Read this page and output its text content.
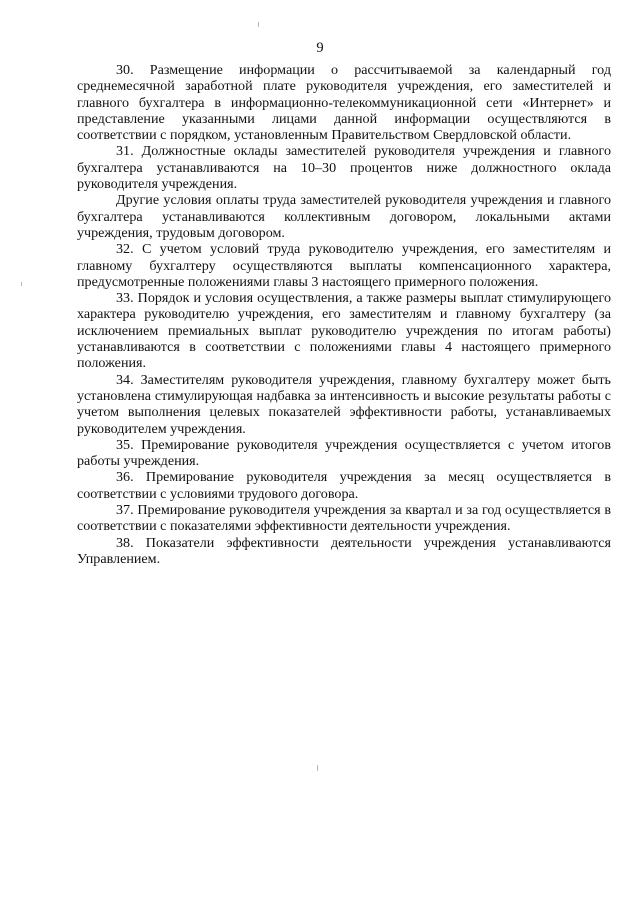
9

30. Размещение информации о рассчитываемой за календарный год среднемесячной заработной плате руководителя учреждения, его заместителей и главного бухгалтера в информационно-телекоммуникационной сети «Интернет» и представление указанными лицами данной информации осуществляются в соответствии с порядком, установленным Правительством Свердловской области.

31. Должностные оклады заместителей руководителя учреждения и главного бухгалтера устанавливаются на 10–30 процентов ниже должностного оклада руководителя учреждения.

Другие условия оплаты труда заместителей руководителя учреждения и главного бухгалтера устанавливаются коллективным договором, локальными актами учреждения, трудовым договором.

32. С учетом условий труда руководителю учреждения, его заместителям и главному бухгалтеру осуществляются выплаты компенсационного характера, предусмотренные положениями главы 3 настоящего примерного положения.

33. Порядок и условия осуществления, а также размеры выплат стимулирующего характера руководителю учреждения, его заместителям и главному бухгалтеру (за исключением премиальных выплат руководителю учреждения по итогам работы) устанавливаются в соответствии с положениями главы 4 настоящего примерного положения.

34. Заместителям руководителя учреждения, главному бухгалтеру может быть установлена стимулирующая надбавка за интенсивность и высокие результаты работы с учетом выполнения целевых показателей эффективности работы, устанавливаемых руководителем учреждения.

35. Премирование руководителя учреждения осуществляется с учетом итогов работы учреждения.

36. Премирование руководителя учреждения за месяц осуществляется в соответствии с условиями трудового договора.

37. Премирование руководителя учреждения за квартал и за год осуществляется в соответствии с показателями эффективности деятельности учреждения.

38. Показатели эффективности деятельности учреждения устанавливаются Управлением.
